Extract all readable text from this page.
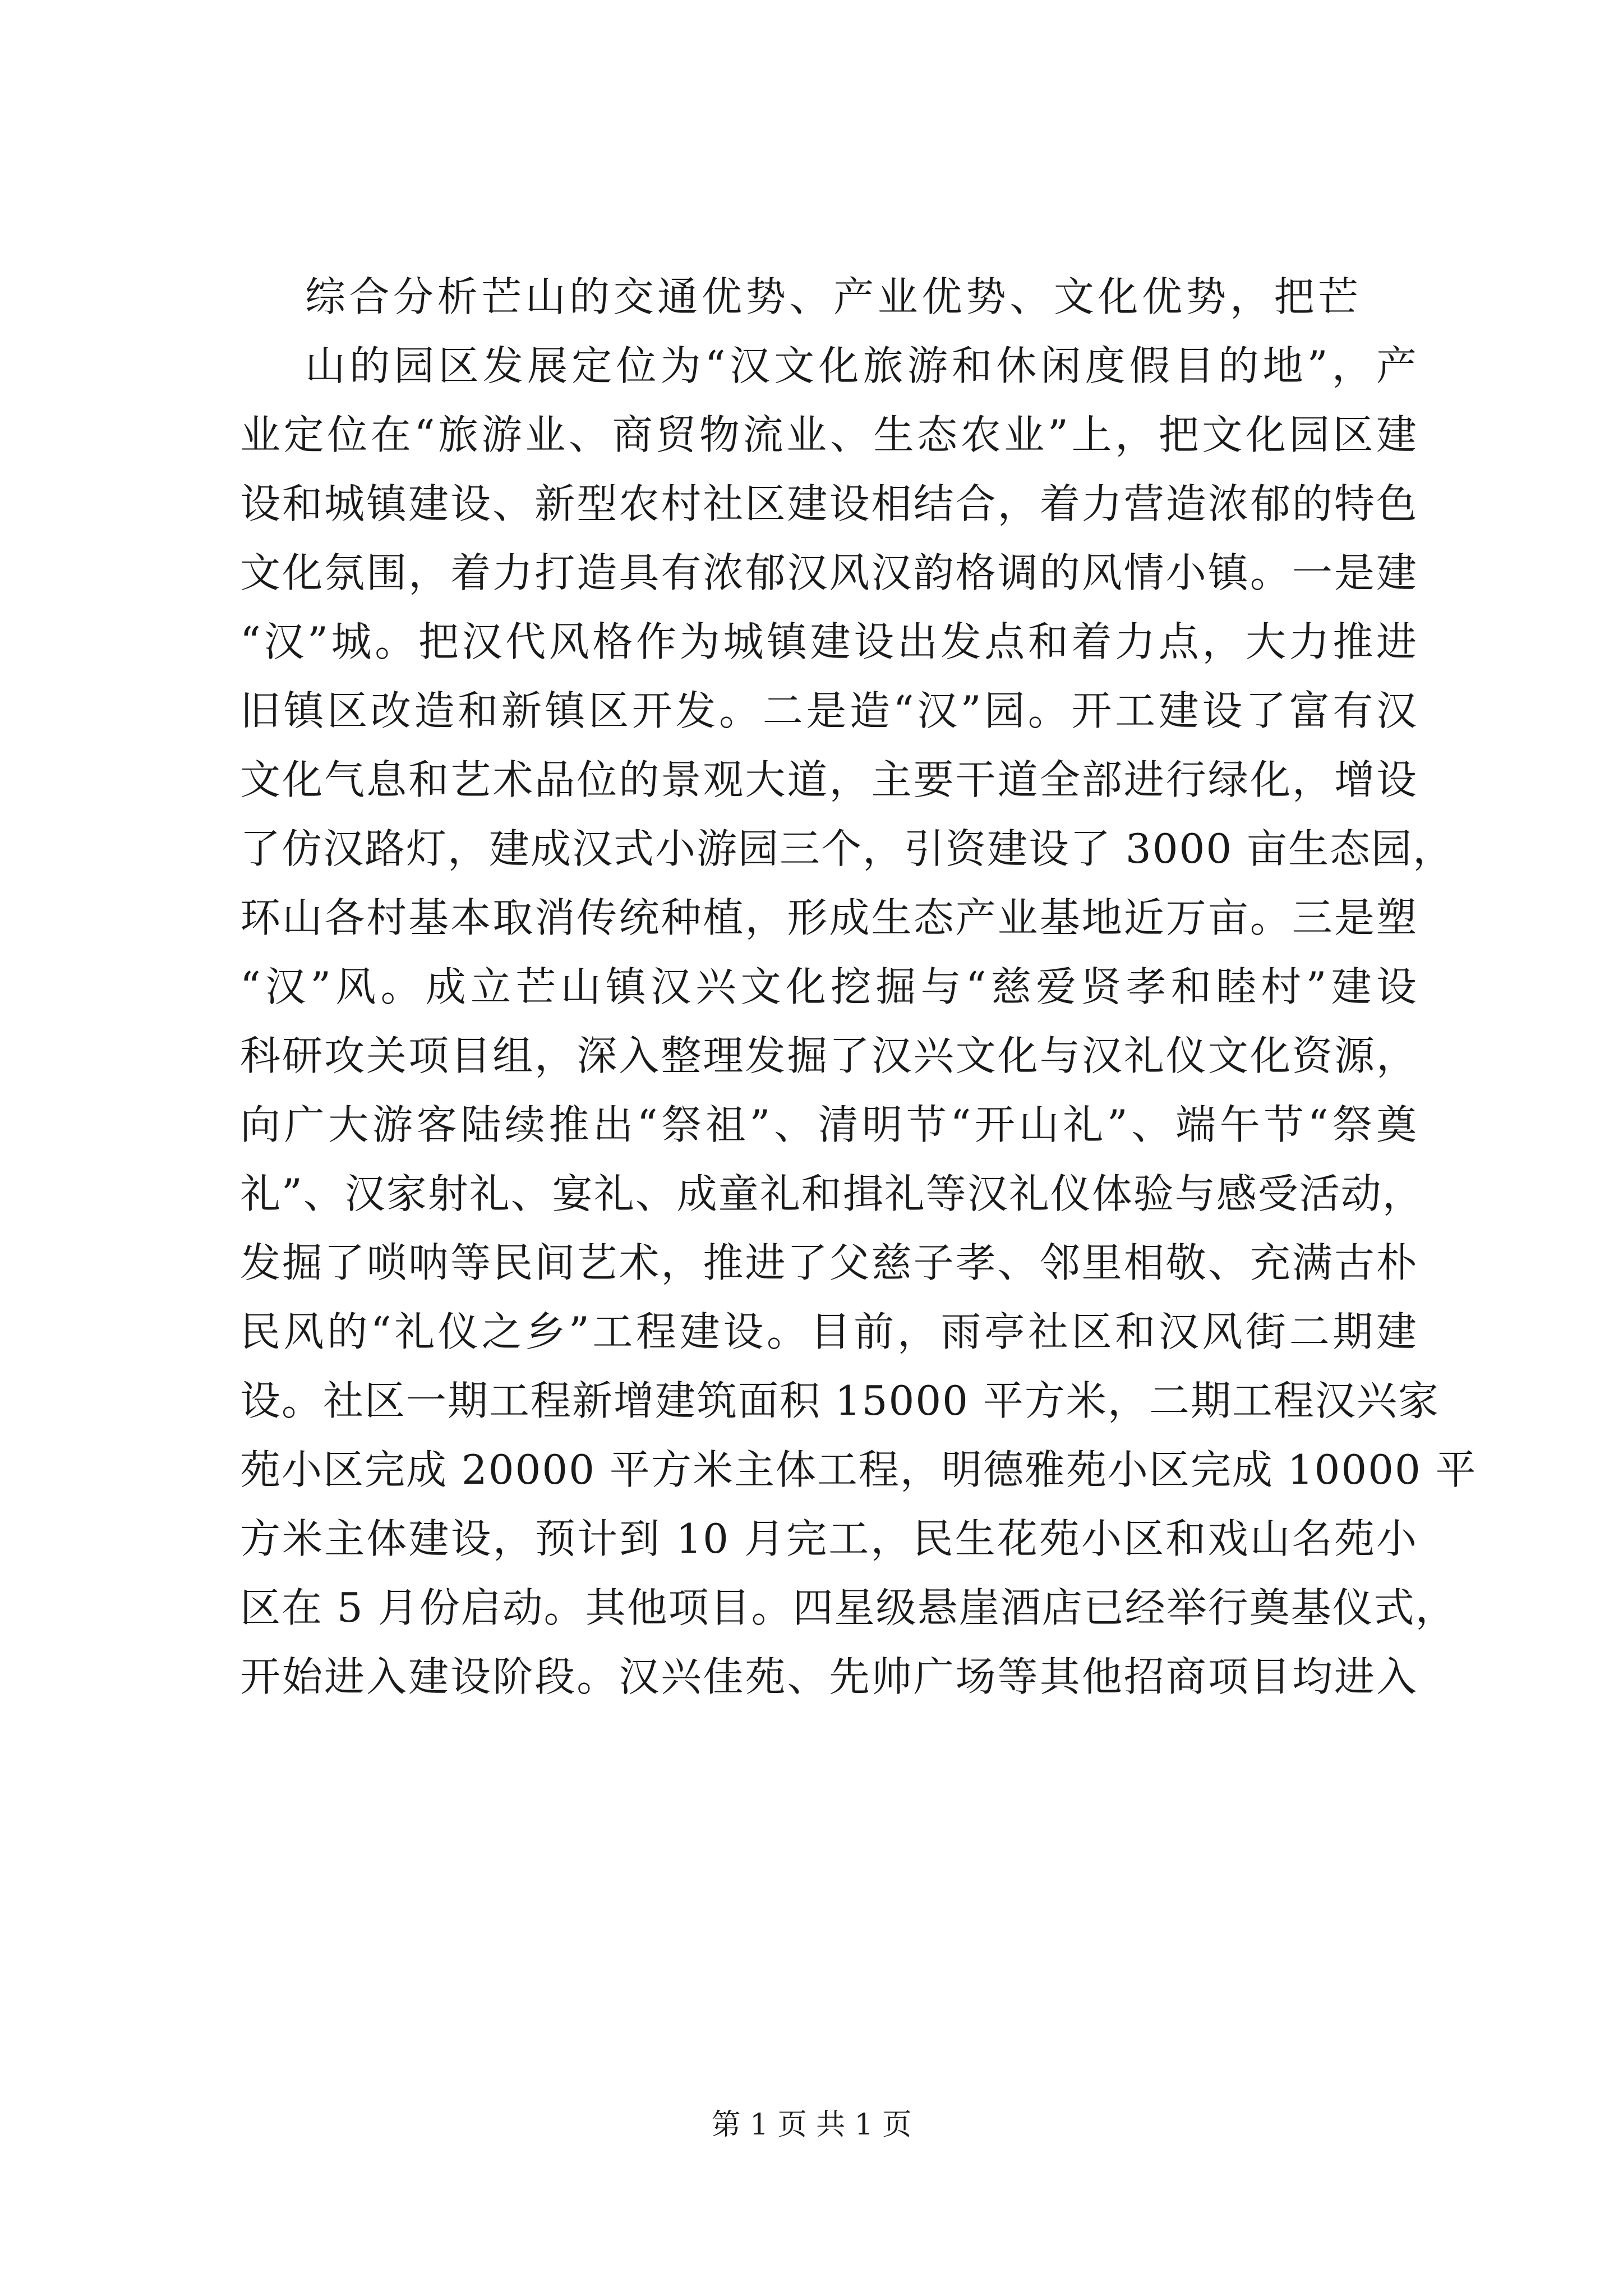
综合分析芒山的交通优势、产业优势、文化优势，把芒
山的园区发展定位为“汉文化旅游和休闲度假目的地”，产
业定位在“旅游业、商贸物流业、生态农业”上，把文化园区建
设和城镇建设、新型农村社区建设相结合，着力营造浓郁的特色
文化氛围，着力打造具有浓郁汉风汉韵格调的风情小镇。一是建
“汉”城。把汉代风格作为城镇建设出发点和着力点，大力推进
旧镇区改造和新镇区开发。二是造“汉”园。开工建设了富有汉
文化气息和艺术品位的景观大道，主要干道全部进行绿化，增设
了仿汉路灯，建成汉式小游园三个，引资建设了 3000 亩生态园，
环山各村基本取消传统种植，形成生态产业基地近万亩。三是塑
“汉”风。成立芒山镇汉兴文化挖掘与“慈爱贤孝和睦村”建设
科研攻关项目组，深入整理发掘了汉兴文化与汉礼仪文化资源，
向广大游客陆续推出“祭祖”、清明节“开山礼”、端午节“祭奠
礼”、汉家射礼、宴礼、成童礼和揖礼等汉礼仪体验与感受活动，
发掘了唢呐等民间艺术，推进了父慈子孝、邻里相敬、充满古朴
民风的“礼仪之乡”工程建设。目前，雨亭社区和汉风街二期建
设。社区一期工程新增建筑面积 15000 平方米，二期工程汉兴家
苑小区完成 20000 平方米主体工程，明德雅苑小区完成 10000 平
方米主体建设，预计到 10 月完工，民生花苑小区和戏山名苑小
区在 5 月份启动。其他项目。四星级悬崖酒店已经举行奠基仪式，
开始进入建设阶段。汉兴佳苑、先帅广场等其他招商项目均进入
第 1 页 共 1 页
